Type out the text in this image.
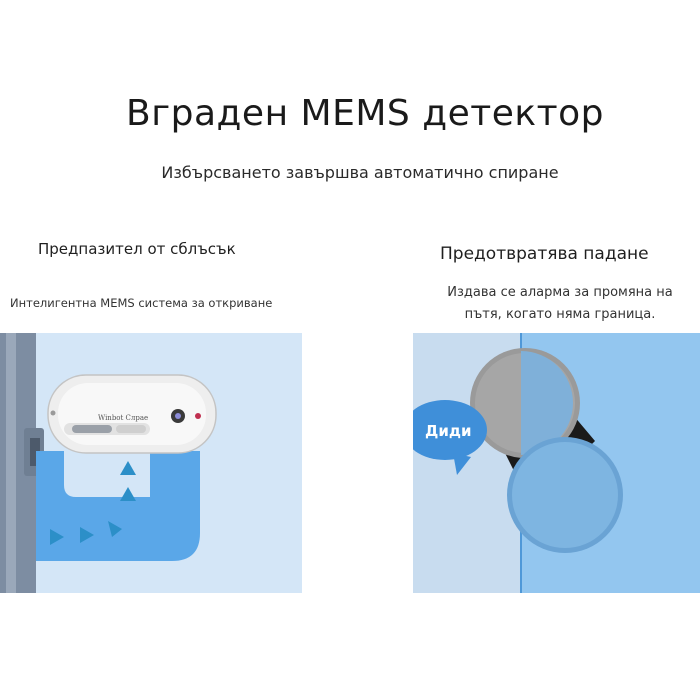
Вграден MEMS детектор
Избърсването завършва автоматично спиране
Предпазител от сблъсък
Интелигентна MEMS система за откриване
Предотвратява падане
Издава се аларма за промяна на
пътя, когато няма граница.
Winbot Слрае
Диди
